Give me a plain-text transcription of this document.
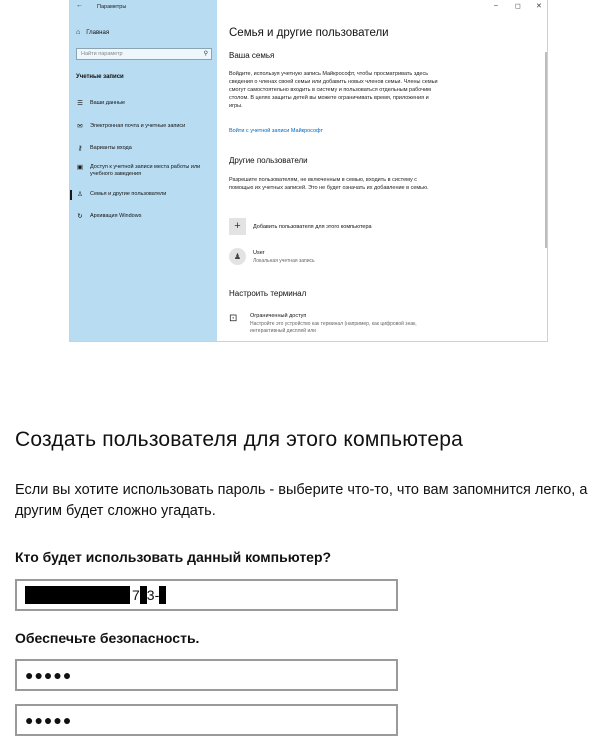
←	Параметры
⌂ Главная
Найти параметр	⚲
Учетные записи
☰ Ваши данные
✉ Электронная почта и учетные записи
⚷ Варианты входа
▣ Доступ к учетной записи места работы или учебного заведения
♙ Семья и другие пользователи
↻ Архивация Windows
– ◻ ✕
Семья и другие пользователи
Ваша семья
Войдите, используя учетную запись Майкрософт, чтобы просматривать здесь сведения о членах своей семьи или добавить новых членов семьи. Члены семьи смогут самостоятельно входить в систему и пользоваться отдельным рабочим столом. В целях защиты детей вы можете ограничивать время, приложения и игры.
Войти с учетной записи Майкрософт
Другие пользователи
Разрешите пользователям, не включенным в семью, входить в систему с помощью их учетных записей. Это не будет означать их добавление в семью.
+	Добавить пользователя для этого компьютера
♟	User
Локальная учетная запись
Настроить терминал
⊡	Ограниченный доступ
Настройте это устройство как терминал (например, как цифровой знак, интерактивный дисплей или
Создать пользователя для этого компьютера
Если вы хотите использовать пароль - выберите что-то, что вам запомнится легко, а другим будет сложно угадать.
Кто будет использовать данный компьютер?
7 3-
Обеспечьте безопасность.
●●●●●
●●●●●
